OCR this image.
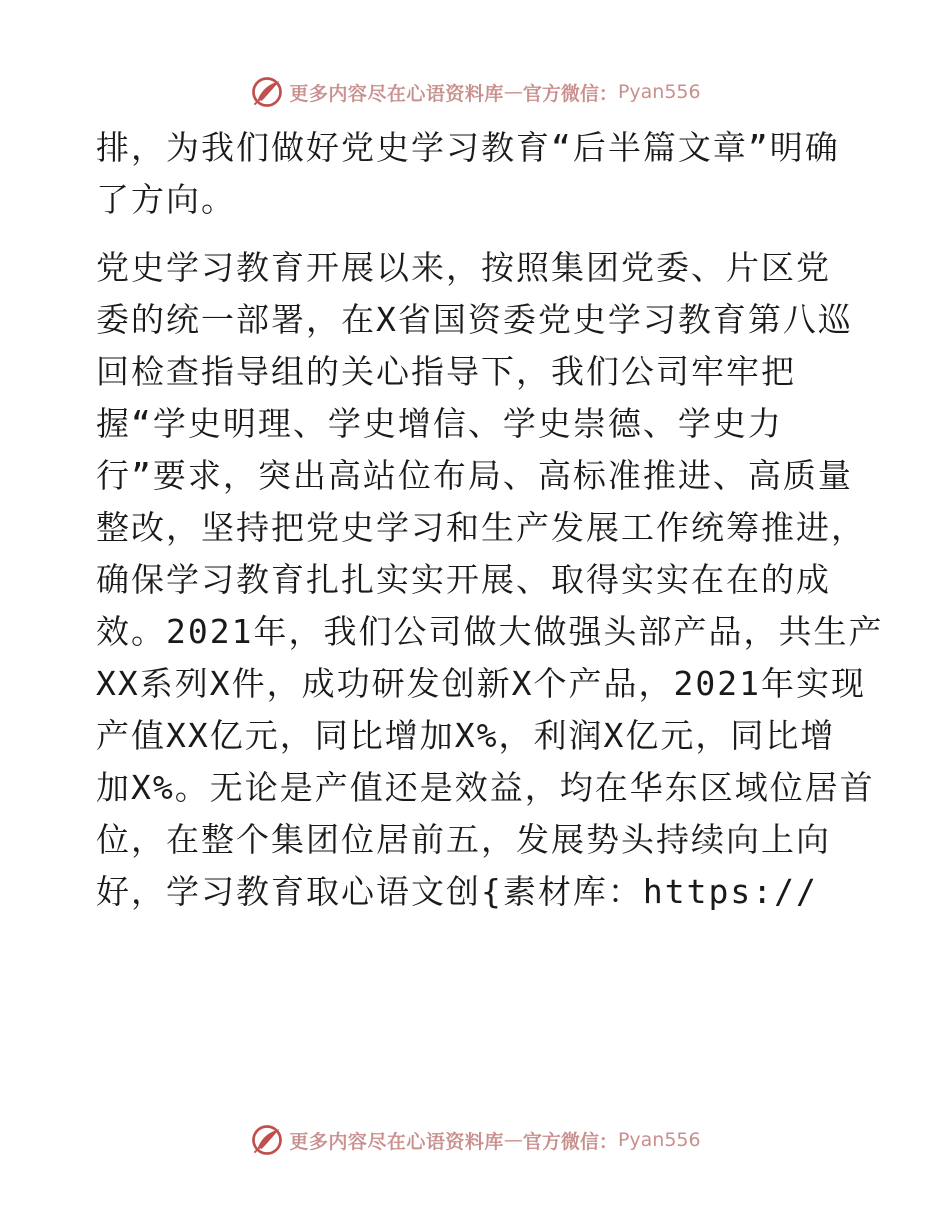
更多内容尽在心语资料库 — 官方微信： Pyan556
排，为我们做好党史学习教育“后半篇文章”明确
了方向。
党史学习教育开展以来，按照集团党委、片区党
委的统一部署，在X省国资委党史学习教育第八巡
回检查指导组的关心指导下，我们公司牢牢把
握“学史明理、学史增信、学史崇德、学史力
行”要求，突出高站位布局、高标准推进、高质量
整改，坚持把党史学习和生产发展工作统筹推进，
确保学习教育扎扎实实开展、取得实实在在的成
效。2021年，我们公司做大做强头部产品，共生产
XX系列X件，成功研发创新X个产品，2021年实现
产值XX亿元，同比增加X%，利润X亿元，同比增
加X%。无论是产值还是效益，均在华东区域位居首
位，在整个集团位居前五，发展势头持续向上向
好，学习教育取心语文创{素材库：https://
更多内容尽在心语资料库 — 官方微信： Pyan556
